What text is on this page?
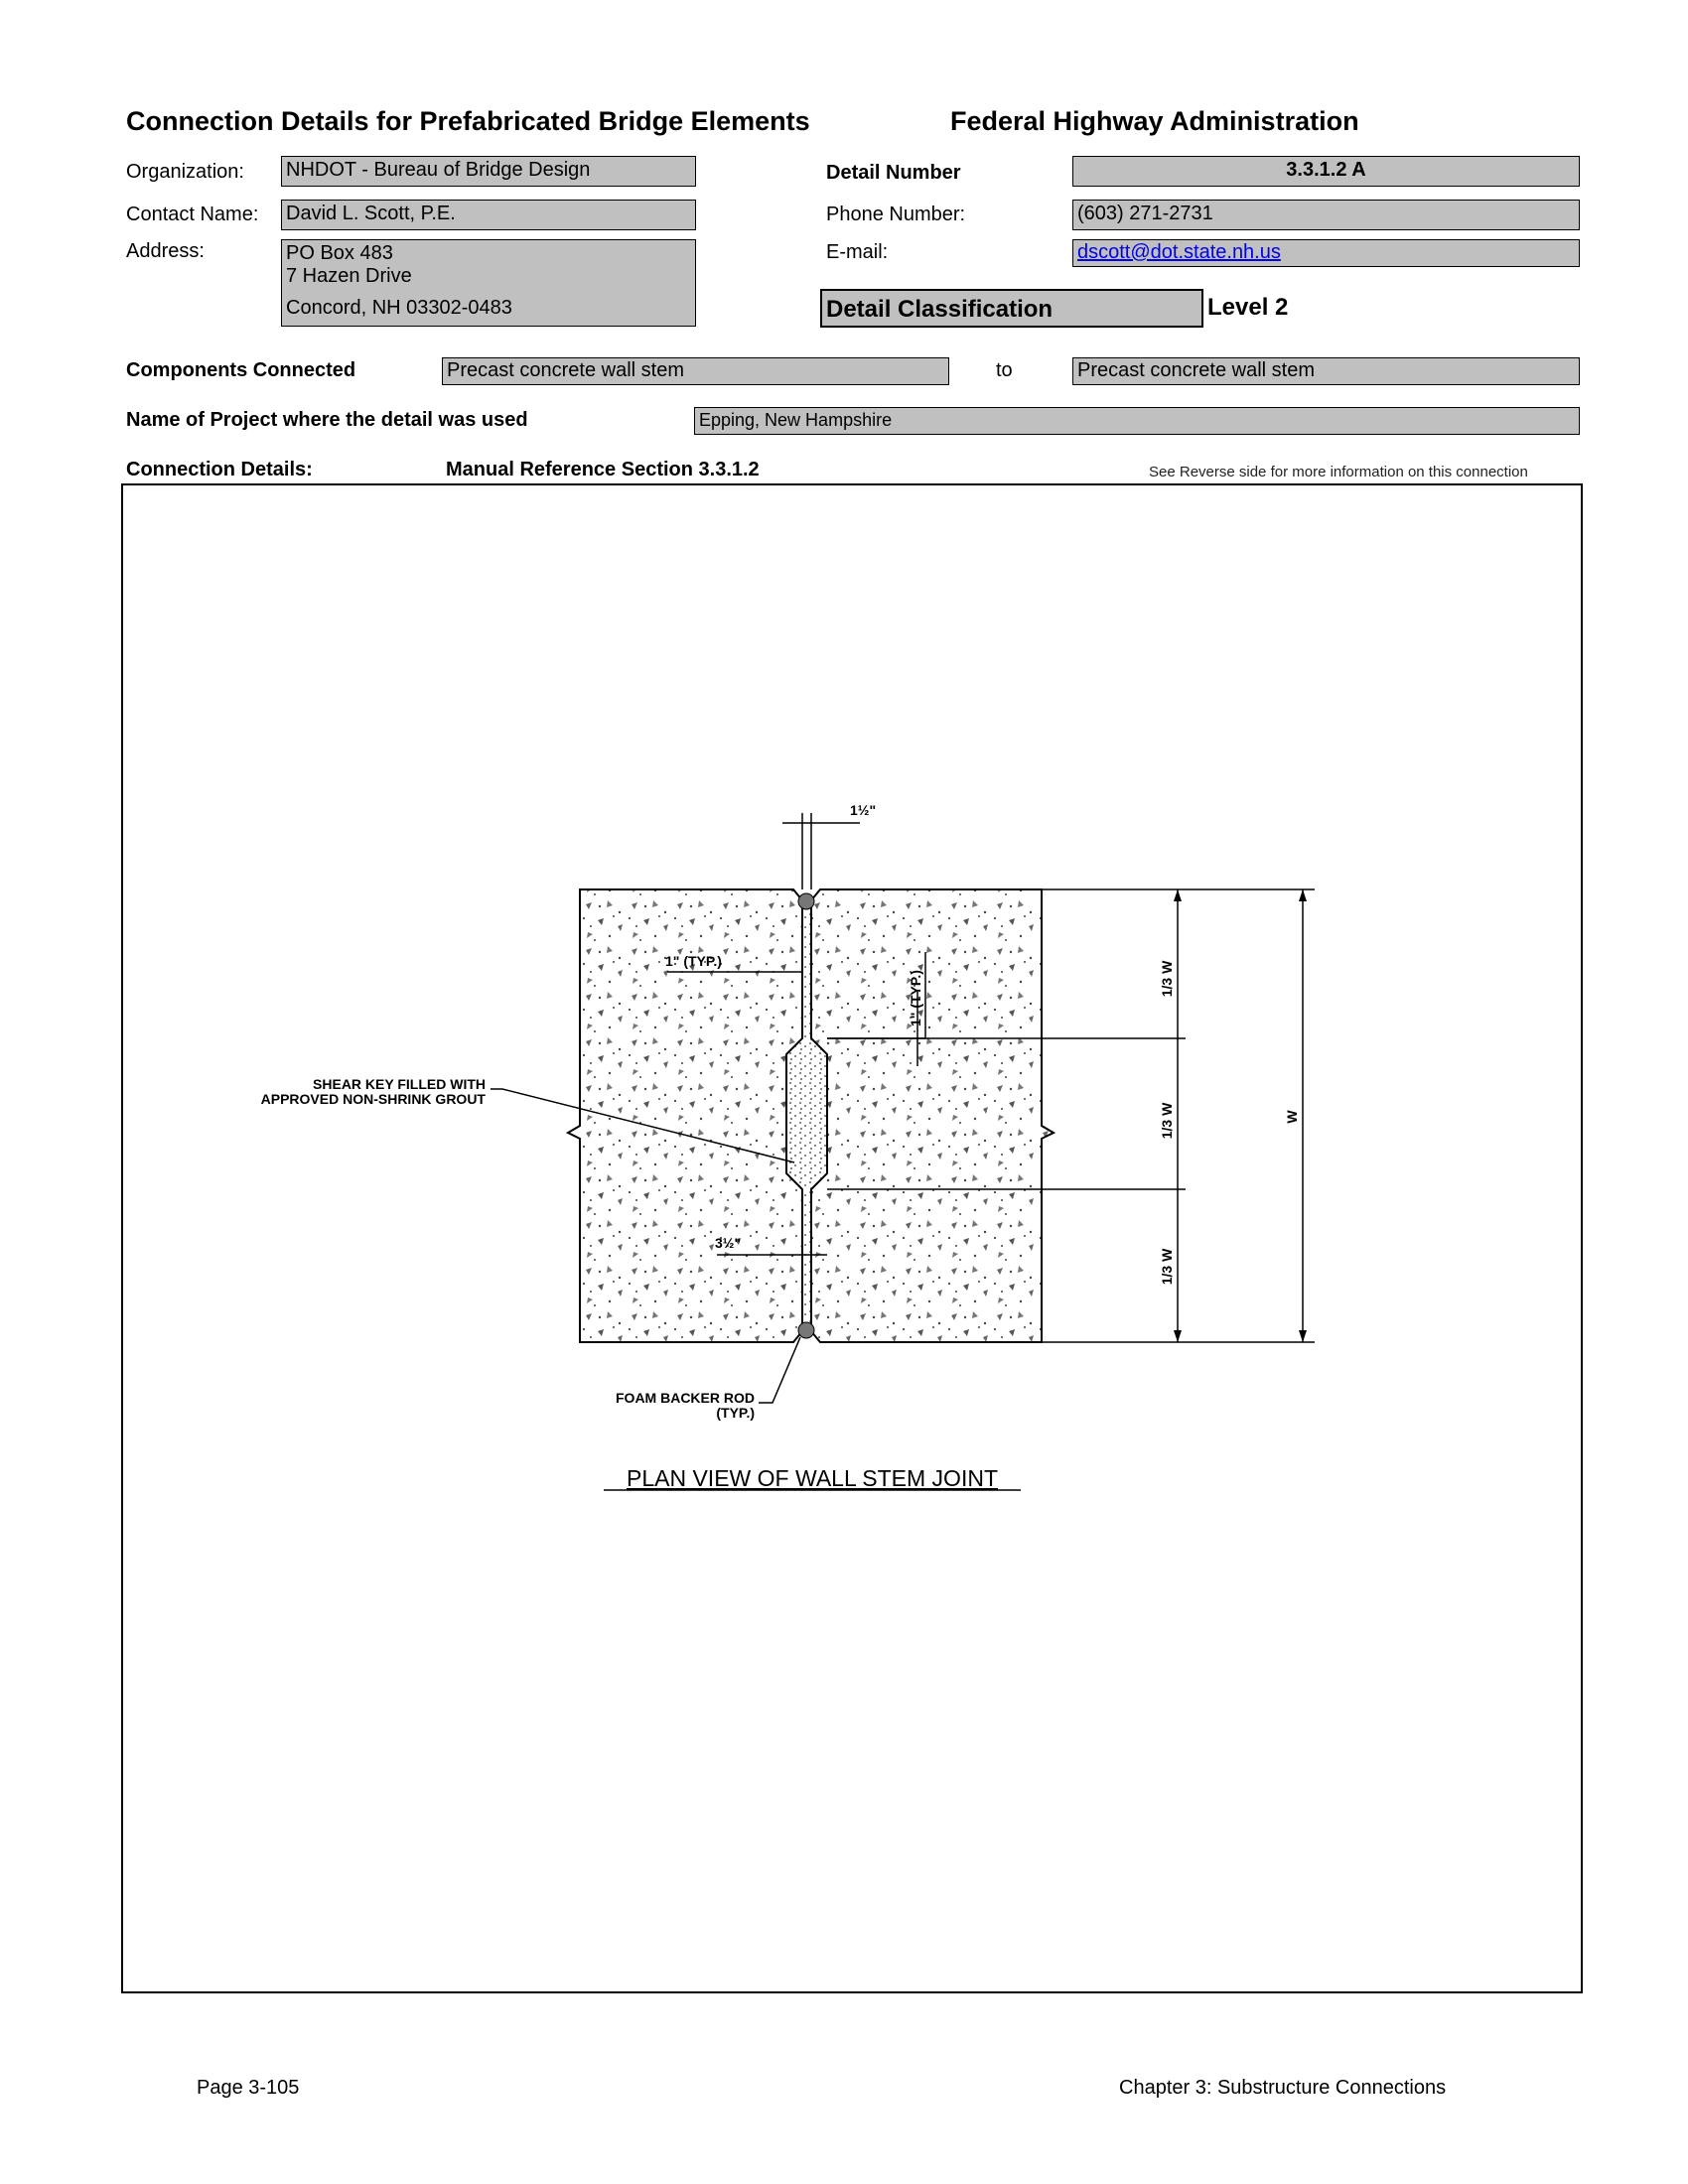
Connection Details for Prefabricated Bridge Elements	Federal Highway Administration
Organization: NHDOT - Bureau of Bridge Design
Contact Name: David L. Scott, P.E.
Address:	PO Box 483
7 Hazen Drive
Concord, NH 03302-0483
Detail Number	3.3.1.2 A
Phone Number:	(603) 271-2731
E-mail:	dscott@dot.state.nh.us
Detail Classification	Level 2
Components Connected	Precast concrete wall stem	to	Precast concrete wall stem
Name of Project where the detail was used	Epping, New Hampshire
Connection Details:	Manual Reference Section 3.3.1.2	See Reverse side for more information on this connection
1½"
1" (TYP.)
1" (TYP.)
3½"
SHEAR KEY FILLED WITH
APPROVED NON-SHRINK GROUT
FOAM BACKER ROD
(TYP.)
1/3 W
1/3 W
1/3 W
W
PLAN VIEW OF WALL STEM JOINT
Page 3-105	Chapter 3: Substructure Connections
